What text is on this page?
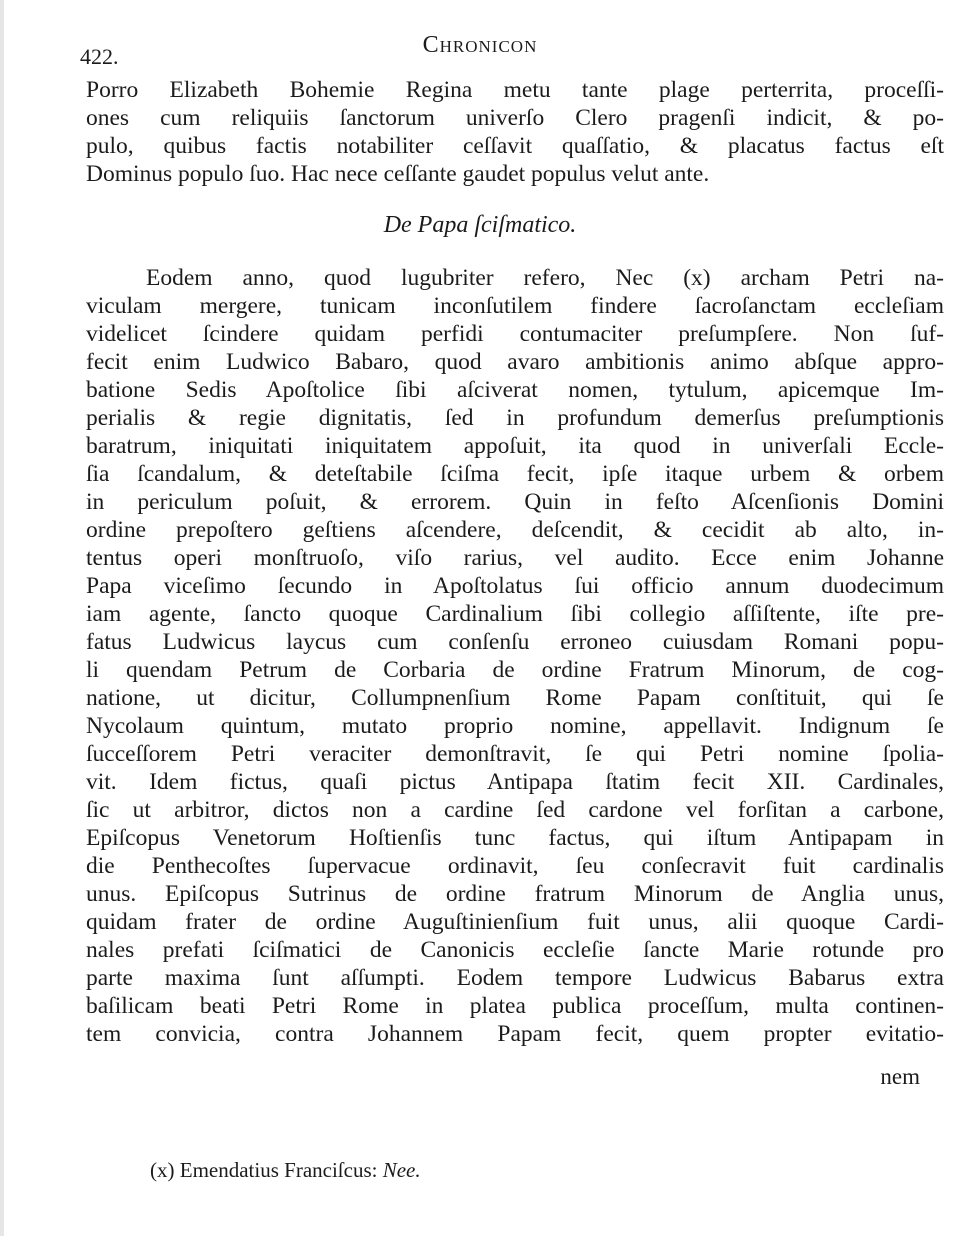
422.	Chronicon
Porro Elizabeth Bohemie Regina metu tante plage perterrita, proceſſi-
ones cum reliquiis ſanctorum univerſo Clero pragenſi indicit, & po-
pulo, quibus factis notabiliter ceſſavit quaſſatio, & placatus factus eſt
Dominus populo ſuo. Hac nece ceſſante gaudet populus velut ante.
De Papa ſciſmatico.
Eodem anno, quod lugubriter refero, Nec (x) archam Petri na-
viculam mergere, tunicam inconſutilem findere ſacroſanctam eccleſiam
videlicet ſcindere quidam perfidi contumaciter preſumpſere. Non ſuf-
fecit enim Ludwico Babaro, quod avaro ambitionis animo abſque appro-
batione Sedis Apoſtolice ſibi aſciverat nomen, tytulum, apicemque Im-
perialis & regie dignitatis, ſed in profundum demerſus preſumptionis
baratrum, iniquitati iniquitatem appoſuit, ita quod in univerſali Eccle-
ſia ſcandalum, & deteſtabile ſciſma fecit, ipſe itaque urbem & orbem
in periculum poſuit, & errorem. Quin in feſto Aſcenſionis Domini
ordine prepoſtero geſtiens aſcendere, deſcendit, & cecidit ab alto, in-
tentus operi monſtruoſo, viſo rarius, vel audito. Ecce enim Johanne
Papa viceſimo ſecundo in Apoſtolatus ſui officio annum duodecimum
iam agente, ſancto quoque Cardinalium ſibi collegio aſſiſtente, iſte pre-
fatus Ludwicus laycus cum conſenſu erroneo cuiusdam Romani popu-
li quendam Petrum de Corbaria de ordine Fratrum Minorum, de cog-
natione, ut dicitur, Collumpnenſium Rome Papam conſtituit, qui ſe
Nycolaum quintum, mutato proprio nomine, appellavit. Indignum ſe
ſucceſſorem Petri veraciter demonſtravit, ſe qui Petri nomine ſpolia-
vit. Idem fictus, quaſi pictus Antipapa ſtatim fecit XII. Cardinales,
ſic ut arbitror, dictos non a cardine ſed cardone vel forſitan a carbone,
Epiſcopus Venetorum Hoſtienſis tunc factus, qui iſtum Antipapam in
die Penthecoſtes ſupervacue ordinavit, ſeu conſecravit fuit cardinalis
unus. Epiſcopus Sutrinus de ordine fratrum Minorum de Anglia unus,
quidam frater de ordine Auguſtinienſium fuit unus, alii quoque Cardi-
nales prefati ſciſmatici de Canonicis eccleſie ſancte Marie rotunde pro
parte maxima ſunt aſſumpti. Eodem tempore Ludwicus Babarus extra
baſilicam beati Petri Rome in platea publica proceſſum, multa continen-
tem convicia, contra Johannem Papam fecit, quem propter evitatio-
nem
(x) Emendatius Franciſcus: Nee.
